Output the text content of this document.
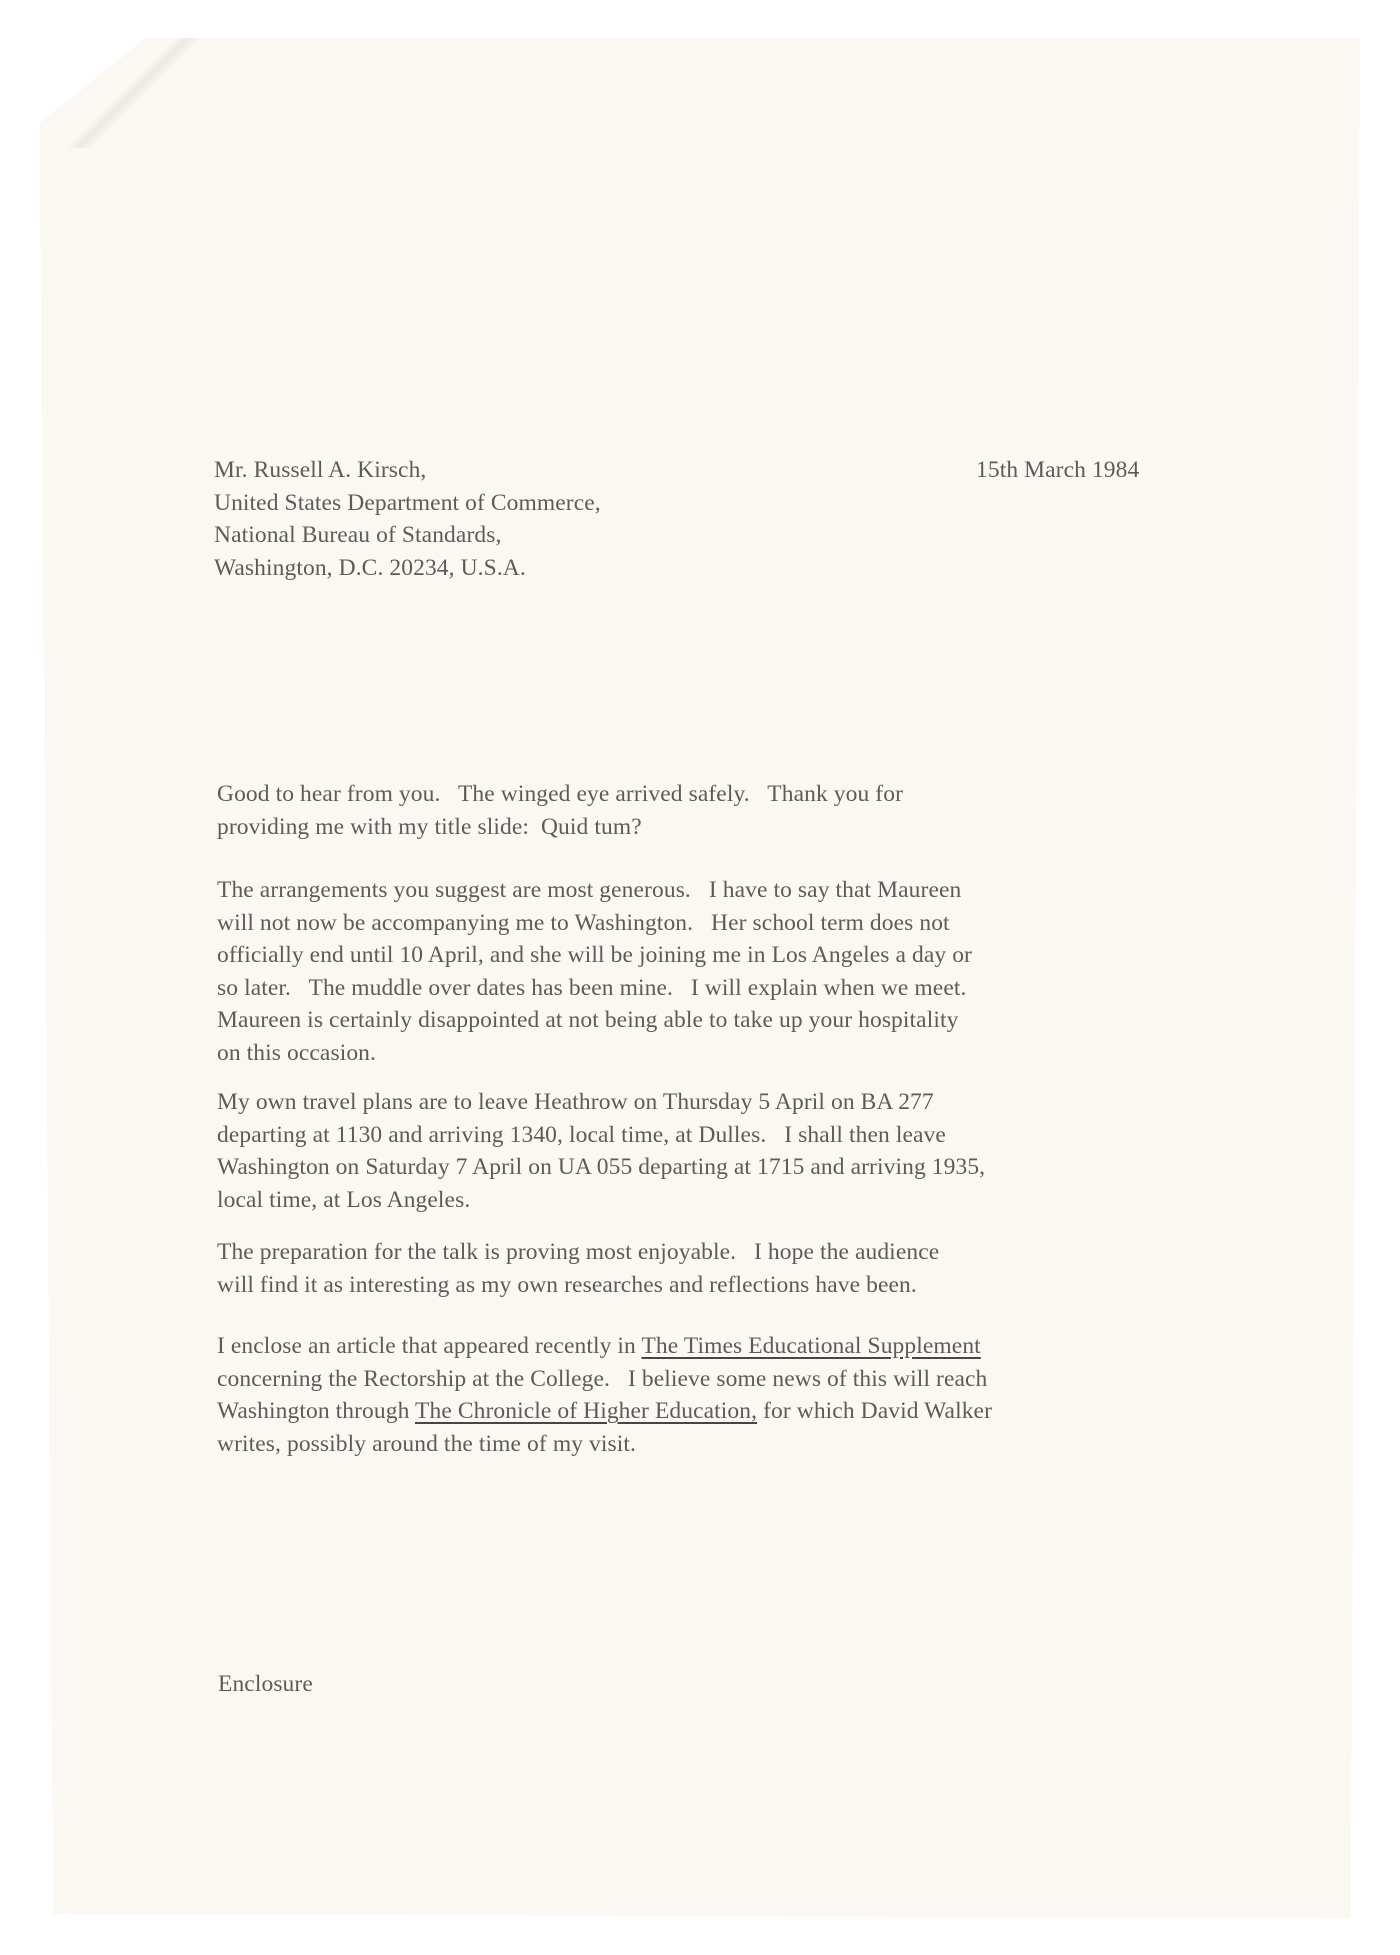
15th March 1984
Mr. Russell A. Kirsch,
United States Department of Commerce,
National Bureau of Standards,
Washington, D.C. 20234, U.S.A.
Good to hear from you.   The winged eye arrived safely.   Thank you for
providing me with my title slide:  Quid tum?
The arrangements you suggest are most generous.   I have to say that Maureen
will not now be accompanying me to Washington.   Her school term does not
officially end until 10 April, and she will be joining me in Los Angeles a day or
so later.   The muddle over dates has been mine.   I will explain when we meet.
Maureen is certainly disappointed at not being able to take up your hospitality
on this occasion.
My own travel plans are to leave Heathrow on Thursday 5 April on BA 277
departing at 1130 and arriving 1340, local time, at Dulles.   I shall then leave
Washington on Saturday 7 April on UA 055 departing at 1715 and arriving 1935,
local time, at Los Angeles.
The preparation for the talk is proving most enjoyable.   I hope the audience
will find it as interesting as my own researches and reflections have been.
I enclose an article that appeared recently in The Times Educational Supplement
concerning the Rectorship at the College.   I believe some news of this will reach
Washington through The Chronicle of Higher Education, for which David Walker
writes, possibly around the time of my visit.
Enclosure
